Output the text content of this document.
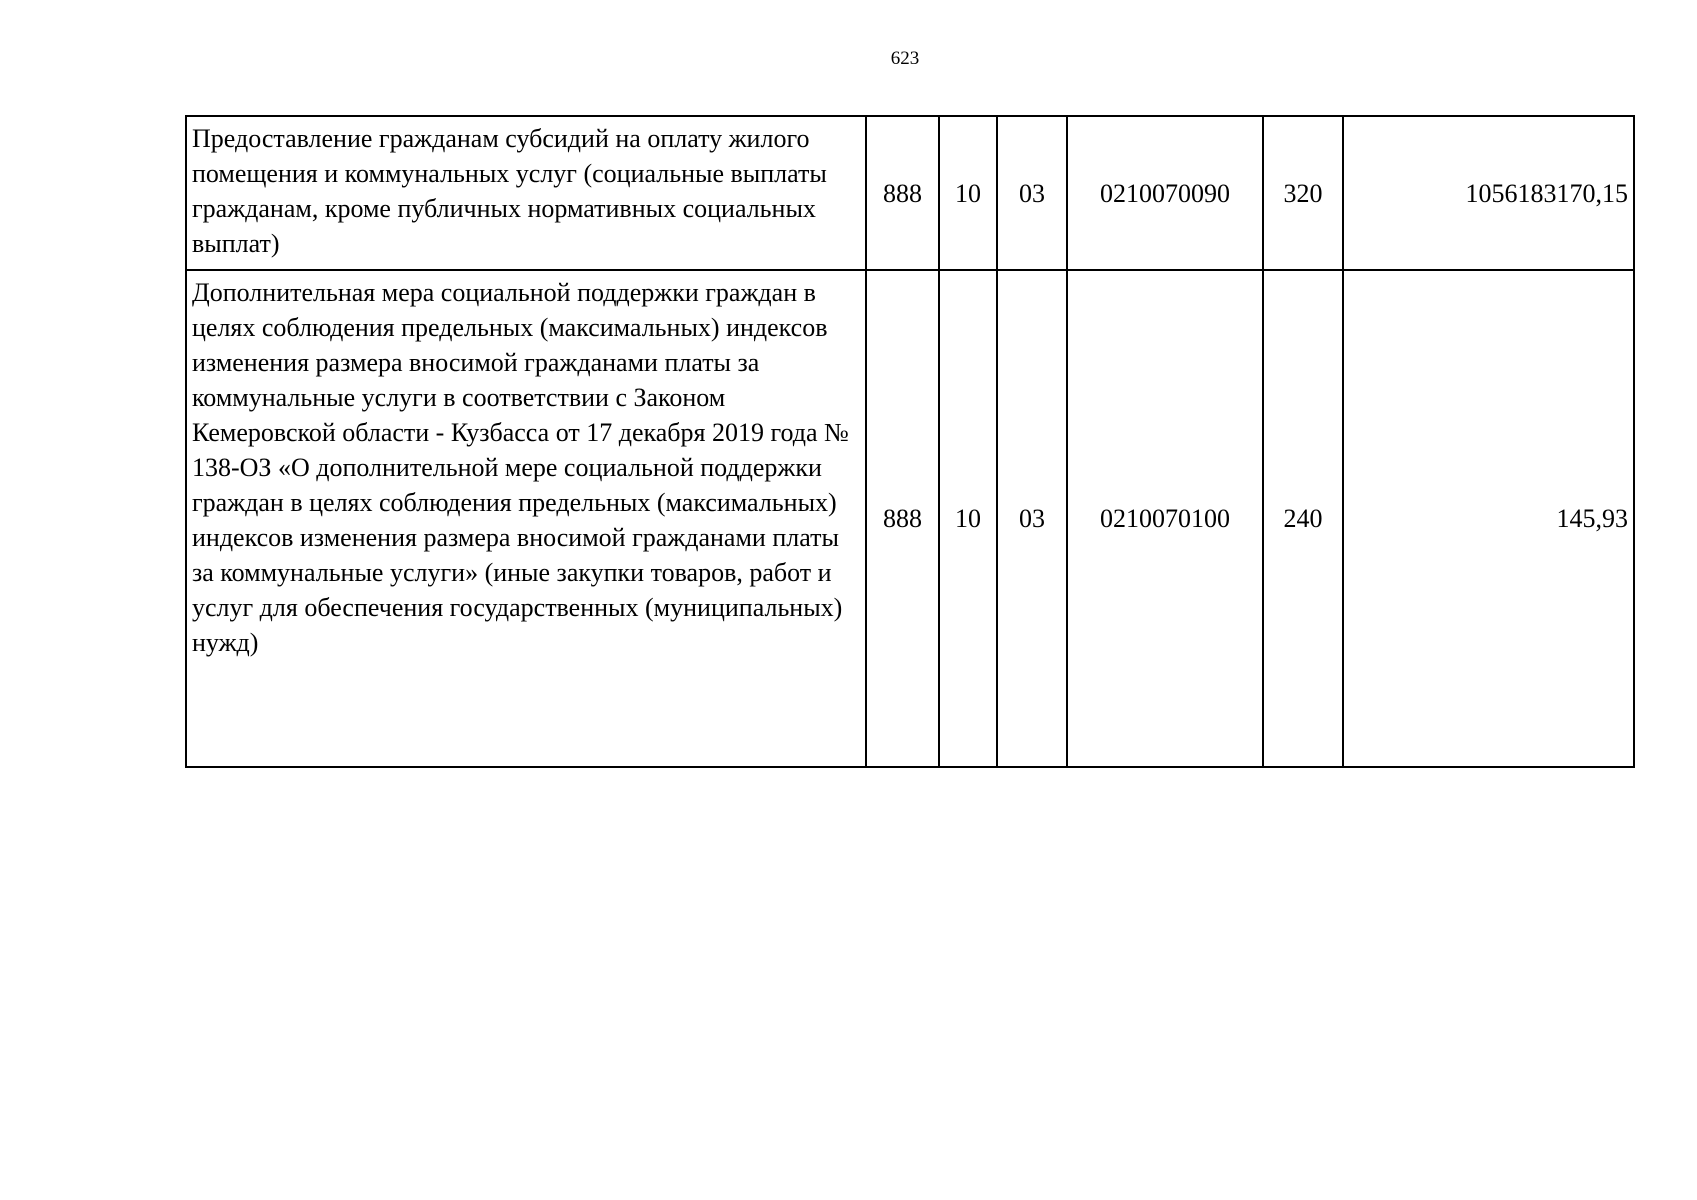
623
Предоставление гражданам субсидий на оплату жилого помещения и коммунальных услуг (социальные выплаты гражданам, кроме публичных нормативных социальных выплат)	888	10	03	0210070090	320	1056183170,15
Дополнительная мера социальной поддержки граждан в целях соблюдения предельных (максимальных) индексов изменения размера вносимой гражданами платы за коммунальные услуги в соответствии с Законом Кемеровской области - Кузбасса от 17 декабря 2019 года № 138-ОЗ «О дополнительной мере социальной поддержки граждан в целях соблюдения предельных (максимальных) индексов изменения размера вносимой гражданами платы за коммунальные услуги» (иные закупки товаров, работ и услуг для обеспечения государственных (муниципальных) нужд)	888	10	03	0210070100	240	145,93
